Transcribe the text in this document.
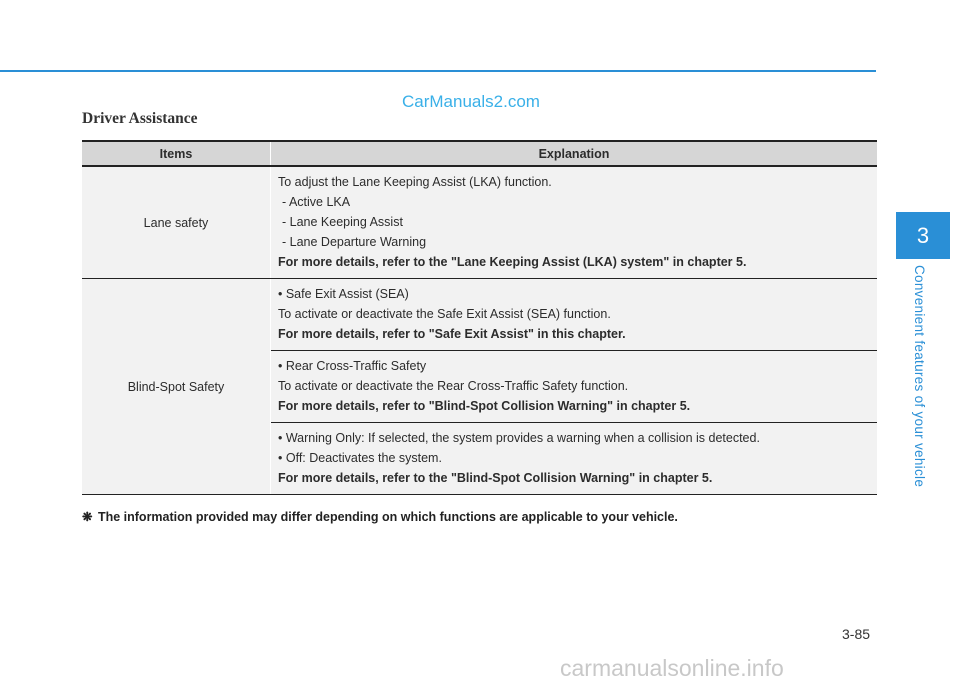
CarManuals2.com
Driver Assistance
Items	Explanation
Lane safety	To adjust the Lane Keeping Assist (LKA) function.
- Active LKA
- Lane Keeping Assist
- Lane Departure Warning
For more details, refer to the "Lane Keeping Assist (LKA) system" in chapter 5.

Blind-Spot Safety	• Safe Exit Assist (SEA)
To activate or deactivate the Safe Exit Assist (SEA) function.
For more details, refer to "Safe Exit Assist" in this chapter.

	• Rear Cross-Traffic Safety
To activate or deactivate the Rear Cross-Traffic Safety function.
For more details, refer to "Blind-Spot Collision Warning" in chapter 5.

	• Warning Only: If selected, the system provides a warning when a collision is detected.
• Off: Deactivates the system.
For more details, refer to the "Blind-Spot Collision Warning" in chapter 5.
❋ The information provided may differ depending on which functions are applicable to your vehicle.
3
Convenient features of your vehicle
3-85
carmanualsonline.info
